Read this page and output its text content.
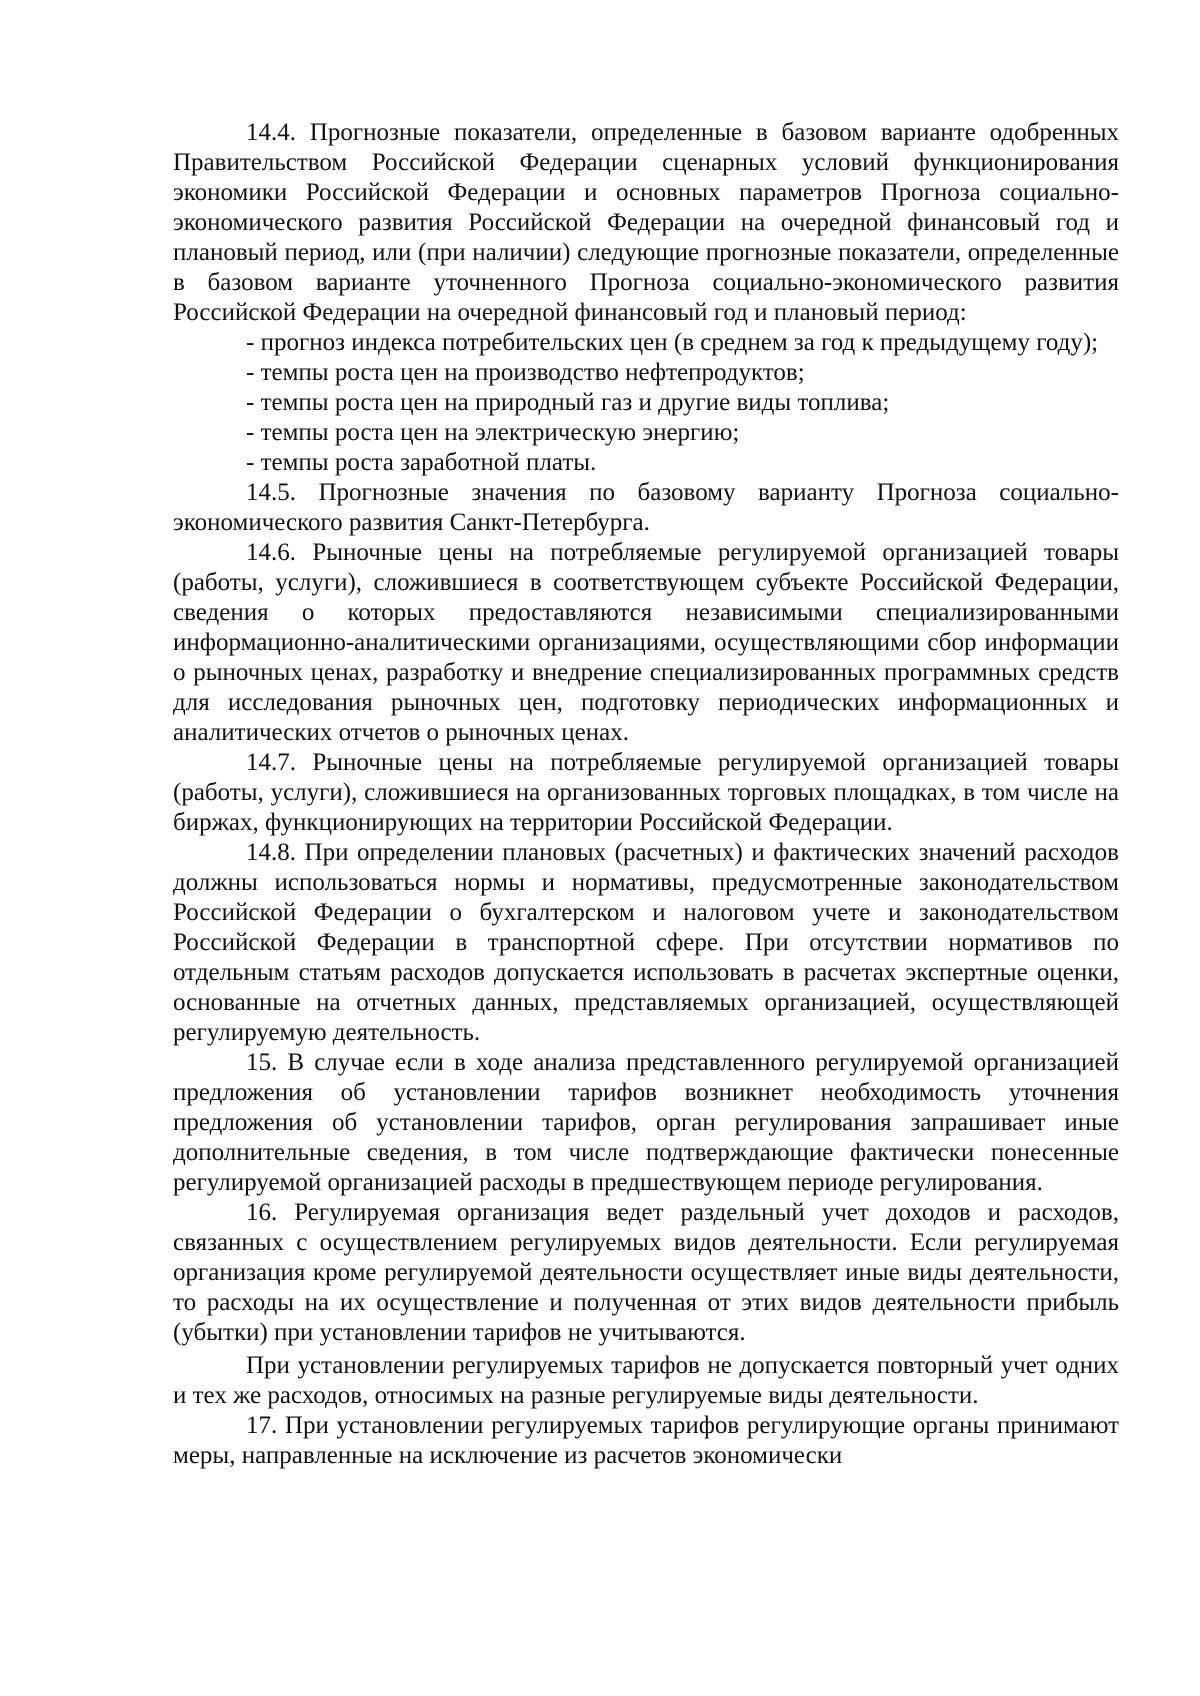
14.4. Прогнозные показатели, определенные в базовом варианте одобренных Правительством Российской Федерации сценарных условий функционирования экономики Российской Федерации и основных параметров Прогноза социально-экономического развития Российской Федерации на очередной финансовый год и плановый период, или (при наличии) следующие прогнозные показатели, определенные в базовом варианте уточненного Прогноза социально-экономического развития Российской Федерации на очередной финансовый год и плановый период:

- прогноз индекса потребительских цен (в среднем за год к предыдущему году);

- темпы роста цен на производство нефтепродуктов;

- темпы роста цен на природный газ и другие виды топлива;

- темпы роста цен на электрическую энергию;

- темпы роста заработной платы.

14.5. Прогнозные значения по базовому варианту Прогноза социально-экономического развития Санкт-Петербурга.

14.6. Рыночные цены на потребляемые регулируемой организацией товары (работы, услуги), сложившиеся в соответствующем субъекте Российской Федерации, сведения о которых предоставляются независимыми специализированными информационно-аналитическими организациями, осуществляющими сбор информации о рыночных ценах, разработку и внедрение специализированных программных средств для исследования рыночных цен, подготовку периодических информационных и аналитических отчетов о рыночных ценах.

14.7. Рыночные цены на потребляемые регулируемой организацией товары (работы, услуги), сложившиеся на организованных торговых площадках, в том числе на биржах, функционирующих на территории Российской Федерации.

14.8. При определении плановых (расчетных) и фактических значений расходов должны использоваться нормы и нормативы, предусмотренные законодательством Российской Федерации о бухгалтерском и налоговом учете и законодательством Российской Федерации в транспортной сфере. При отсутствии нормативов по отдельным статьям расходов допускается использовать в расчетах экспертные оценки, основанные на отчетных данных, представляемых организацией, осуществляющей регулируемую деятельность.

15. В случае если в ходе анализа представленного регулируемой организацией предложения об установлении тарифов возникнет необходимость уточнения предложения об установлении тарифов, орган регулирования запрашивает иные дополнительные сведения, в том числе подтверждающие фактически понесенные регулируемой организацией расходы в предшествующем периоде регулирования.

16. Регулируемая организация ведет раздельный учет доходов и расходов, связанных с осуществлением регулируемых видов деятельности. Если регулируемая организация кроме регулируемой деятельности осуществляет иные виды деятельности, то расходы на их осуществление и полученная от этих видов деятельности прибыль (убытки) при установлении тарифов не учитываются.

При установлении регулируемых тарифов не допускается повторный учет одних и тех же расходов, относимых на разные регулируемые виды деятельности.

17. При установлении регулируемых тарифов регулирующие органы принимают меры, направленные на исключение из расчетов экономически
